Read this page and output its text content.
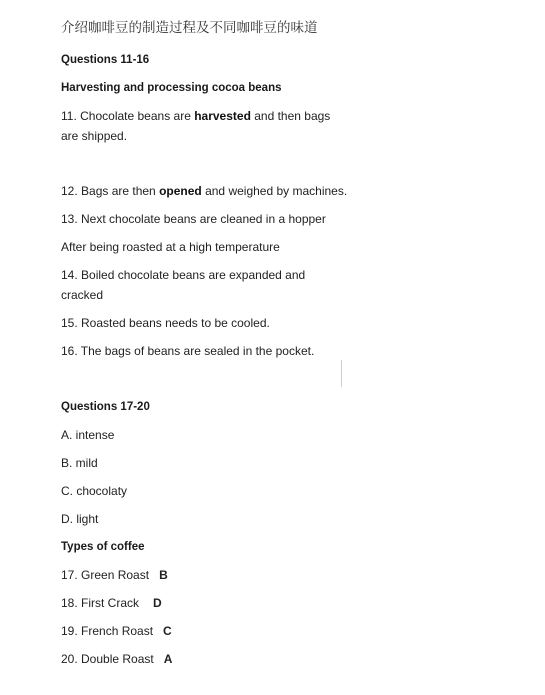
介绍咖啡豆的制造过程及不同咖啡豆的味道
Questions 11-16
Harvesting and processing cocoa beans
11. Chocolate beans are harvested and then bags are shipped.
12. Bags are then opened and weighed by machines.
13. Next chocolate beans are cleaned in a hopper
After being roasted at a high temperature
14. Boiled chocolate beans are expanded and cracked
15. Roasted beans needs to be cooled.
16. The bags of beans are sealed in the pocket.
Questions 17-20
A. intense
B. mild
C. chocolaty
D. light
Types of coffee
17. Green Roast B
18. First Crack D
19. French Roast C
20. Double Roast A
